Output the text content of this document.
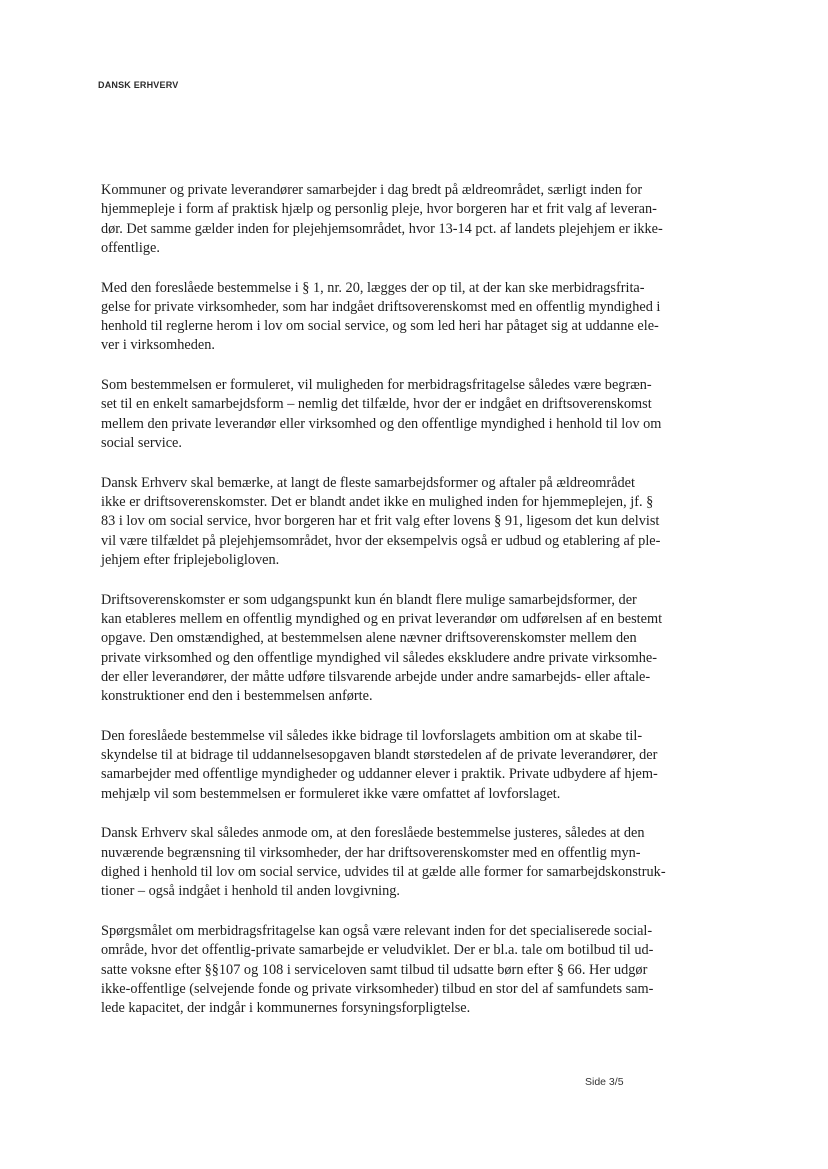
DANSK ERHVERV

Kommuner og private leverandører samarbejder i dag bredt på ældreområdet, særligt inden for
hjemmepleje i form af praktisk hjælp og personlig pleje, hvor borgeren har et frit valg af leveran-
dør. Det samme gælder inden for plejehjemsområdet, hvor 13-14 pct. af landets plejehjem er ikke-
offentlige.

Med den foreslåede bestemmelse i § 1, nr. 20, lægges der op til, at der kan ske merbidragsfrita-
gelse for private virksomheder, som har indgået driftsoverenskomst med en offentlig myndighed i
henhold til reglerne herom i lov om social service, og som led heri har påtaget sig at uddanne ele-
ver i virksomheden.

Som bestemmelsen er formuleret, vil muligheden for merbidragsfritagelse således være begræn-
set til en enkelt samarbejdsform – nemlig det tilfælde, hvor der er indgået en driftsoverenskomst
mellem den private leverandør eller virksomhed og den offentlige myndighed i henhold til lov om
social service.

Dansk Erhverv skal bemærke, at langt de fleste samarbejdsformer og aftaler på ældreområdet
ikke er driftsoverenskomster. Det er blandt andet ikke en mulighed inden for hjemmeplejen, jf. §
83 i lov om social service, hvor borgeren har et frit valg efter lovens § 91, ligesom det kun delvist
vil være tilfældet på plejehjemsområdet, hvor der eksempelvis også er udbud og etablering af ple-
jehjem efter friplejeboligloven.

Driftsoverenskomster er som udgangspunkt kun én blandt flere mulige samarbejdsformer, der
kan etableres mellem en offentlig myndighed og en privat leverandør om udførelsen af en bestemt
opgave. Den omstændighed, at bestemmelsen alene nævner driftsoverenskomster mellem den
private virksomhed og den offentlige myndighed vil således ekskludere andre private virksomhe-
der eller leverandører, der måtte udføre tilsvarende arbejde under andre samarbejds- eller aftale-
konstruktioner end den i bestemmelsen anførte.

Den foreslåede bestemmelse vil således ikke bidrage til lovforslagets ambition om at skabe til-
skyndelse til at bidrage til uddannelsesopgaven blandt størstedelen af de private leverandører, der
samarbejder med offentlige myndigheder og uddanner elever i praktik. Private udbydere af hjem-
mehjælp vil som bestemmelsen er formuleret ikke være omfattet af lovforslaget.

Dansk Erhverv skal således anmode om, at den foreslåede bestemmelse justeres, således at den
nuværende begrænsning til virksomheder, der har driftsoverenskomster med en offentlig myn-
dighed i henhold til lov om social service, udvides til at gælde alle former for samarbejdskonstruk-
tioner – også indgået i henhold til anden lovgivning.

Spørgsmålet om merbidragsfritagelse kan også være relevant inden for det specialiserede social-
område, hvor det offentlig-private samarbejde er veludviklet. Der er bl.a. tale om botilbud til ud-
satte voksne efter §§107 og 108 i serviceloven samt tilbud til udsatte børn efter § 66. Her udgør
ikke-offentlige (selvejende fonde og private virksomheder) tilbud en stor del af samfundets sam-
lede kapacitet, der indgår i kommunernes forsyningsforpligtelse.

Side 3/5
